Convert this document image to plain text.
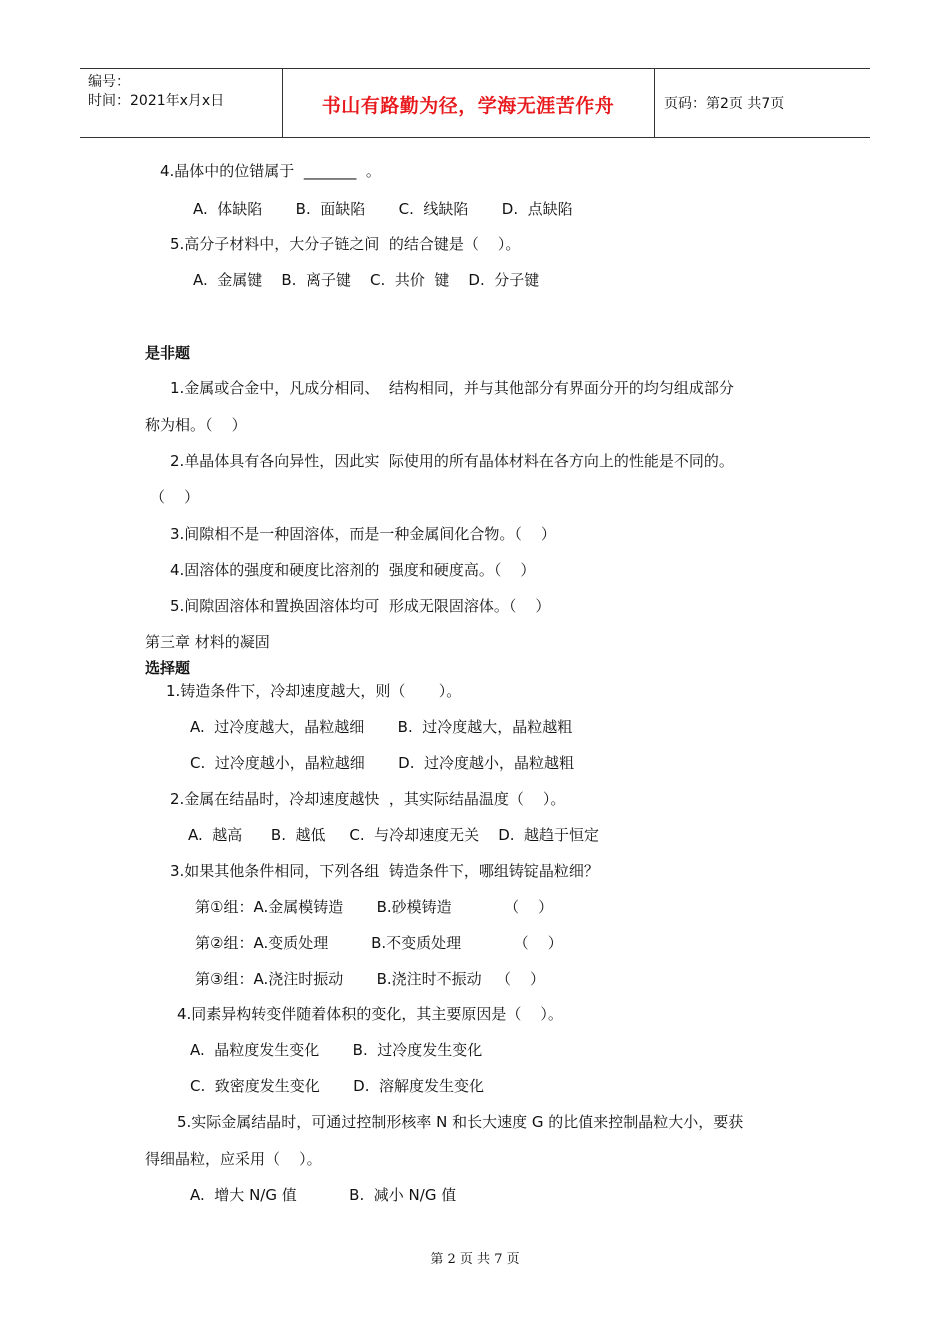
编号：
时间：2021年x月x日	书山有路勤为径，学海无涯苦作舟	页码：第2页 共7页
4.晶体中的位错属于  _______  。
A.  体缺陷       B.  面缺陷       C.  线缺陷       D.  点缺陷
5.高分子材料中，大分子链之间  的结合键是（    ）。
A.  金属键    B.  离子键    C.  共价  键    D.  分子键
是非题
1.金属或合金中，凡成分相同、  结构相同，并与其他部分有界面分开的均匀组成部分
称为相。（    ）
2.单晶体具有各向异性，因此实  际使用的所有晶体材料在各方向上的性能是不同的。
（    ）
3.间隙相不是一种固溶体，而是一种金属间化合物。（    ）
4.固溶体的强度和硬度比溶剂的  强度和硬度高。（    ）
5.间隙固溶体和置换固溶体均可  形成无限固溶体。（    ）
第三章 材料的凝固
选择题
1.铸造条件下，冷却速度越大，则（       ）。
A.  过冷度越大，晶粒越细       B.  过冷度越大，晶粒越粗
C.  过冷度越小，晶粒越细       D.  过冷度越小，晶粒越粗
2.金属在结晶时，冷却速度越快  ，其实际结晶温度（    ）。
A.  越高      B.  越低     C.  与冷却速度无关    D.  越趋于恒定
3.如果其他条件相同，下列各组  铸造条件下，哪组铸锭晶粒细？
第①组：A.金属模铸造       B.砂模铸造           （    ）
第②组：A.变质处理         B.不变质处理           （    ）
第③组：A.浇注时振动       B.浇注时不振动   （    ）
4.同素异构转变伴随着体积的变化，其主要原因是（    ）。
A.  晶粒度发生变化       B.  过冷度发生变化
C.  致密度发生变化       D.  溶解度发生变化
5.实际金属结晶时，可通过控制形核率 N 和长大速度 G 的比值来控制晶粒大小，要获
得细晶粒，应采用（    ）。
A.  增大 N/G 值           B.  减小 N/G 值
第 2 页 共 7 页
